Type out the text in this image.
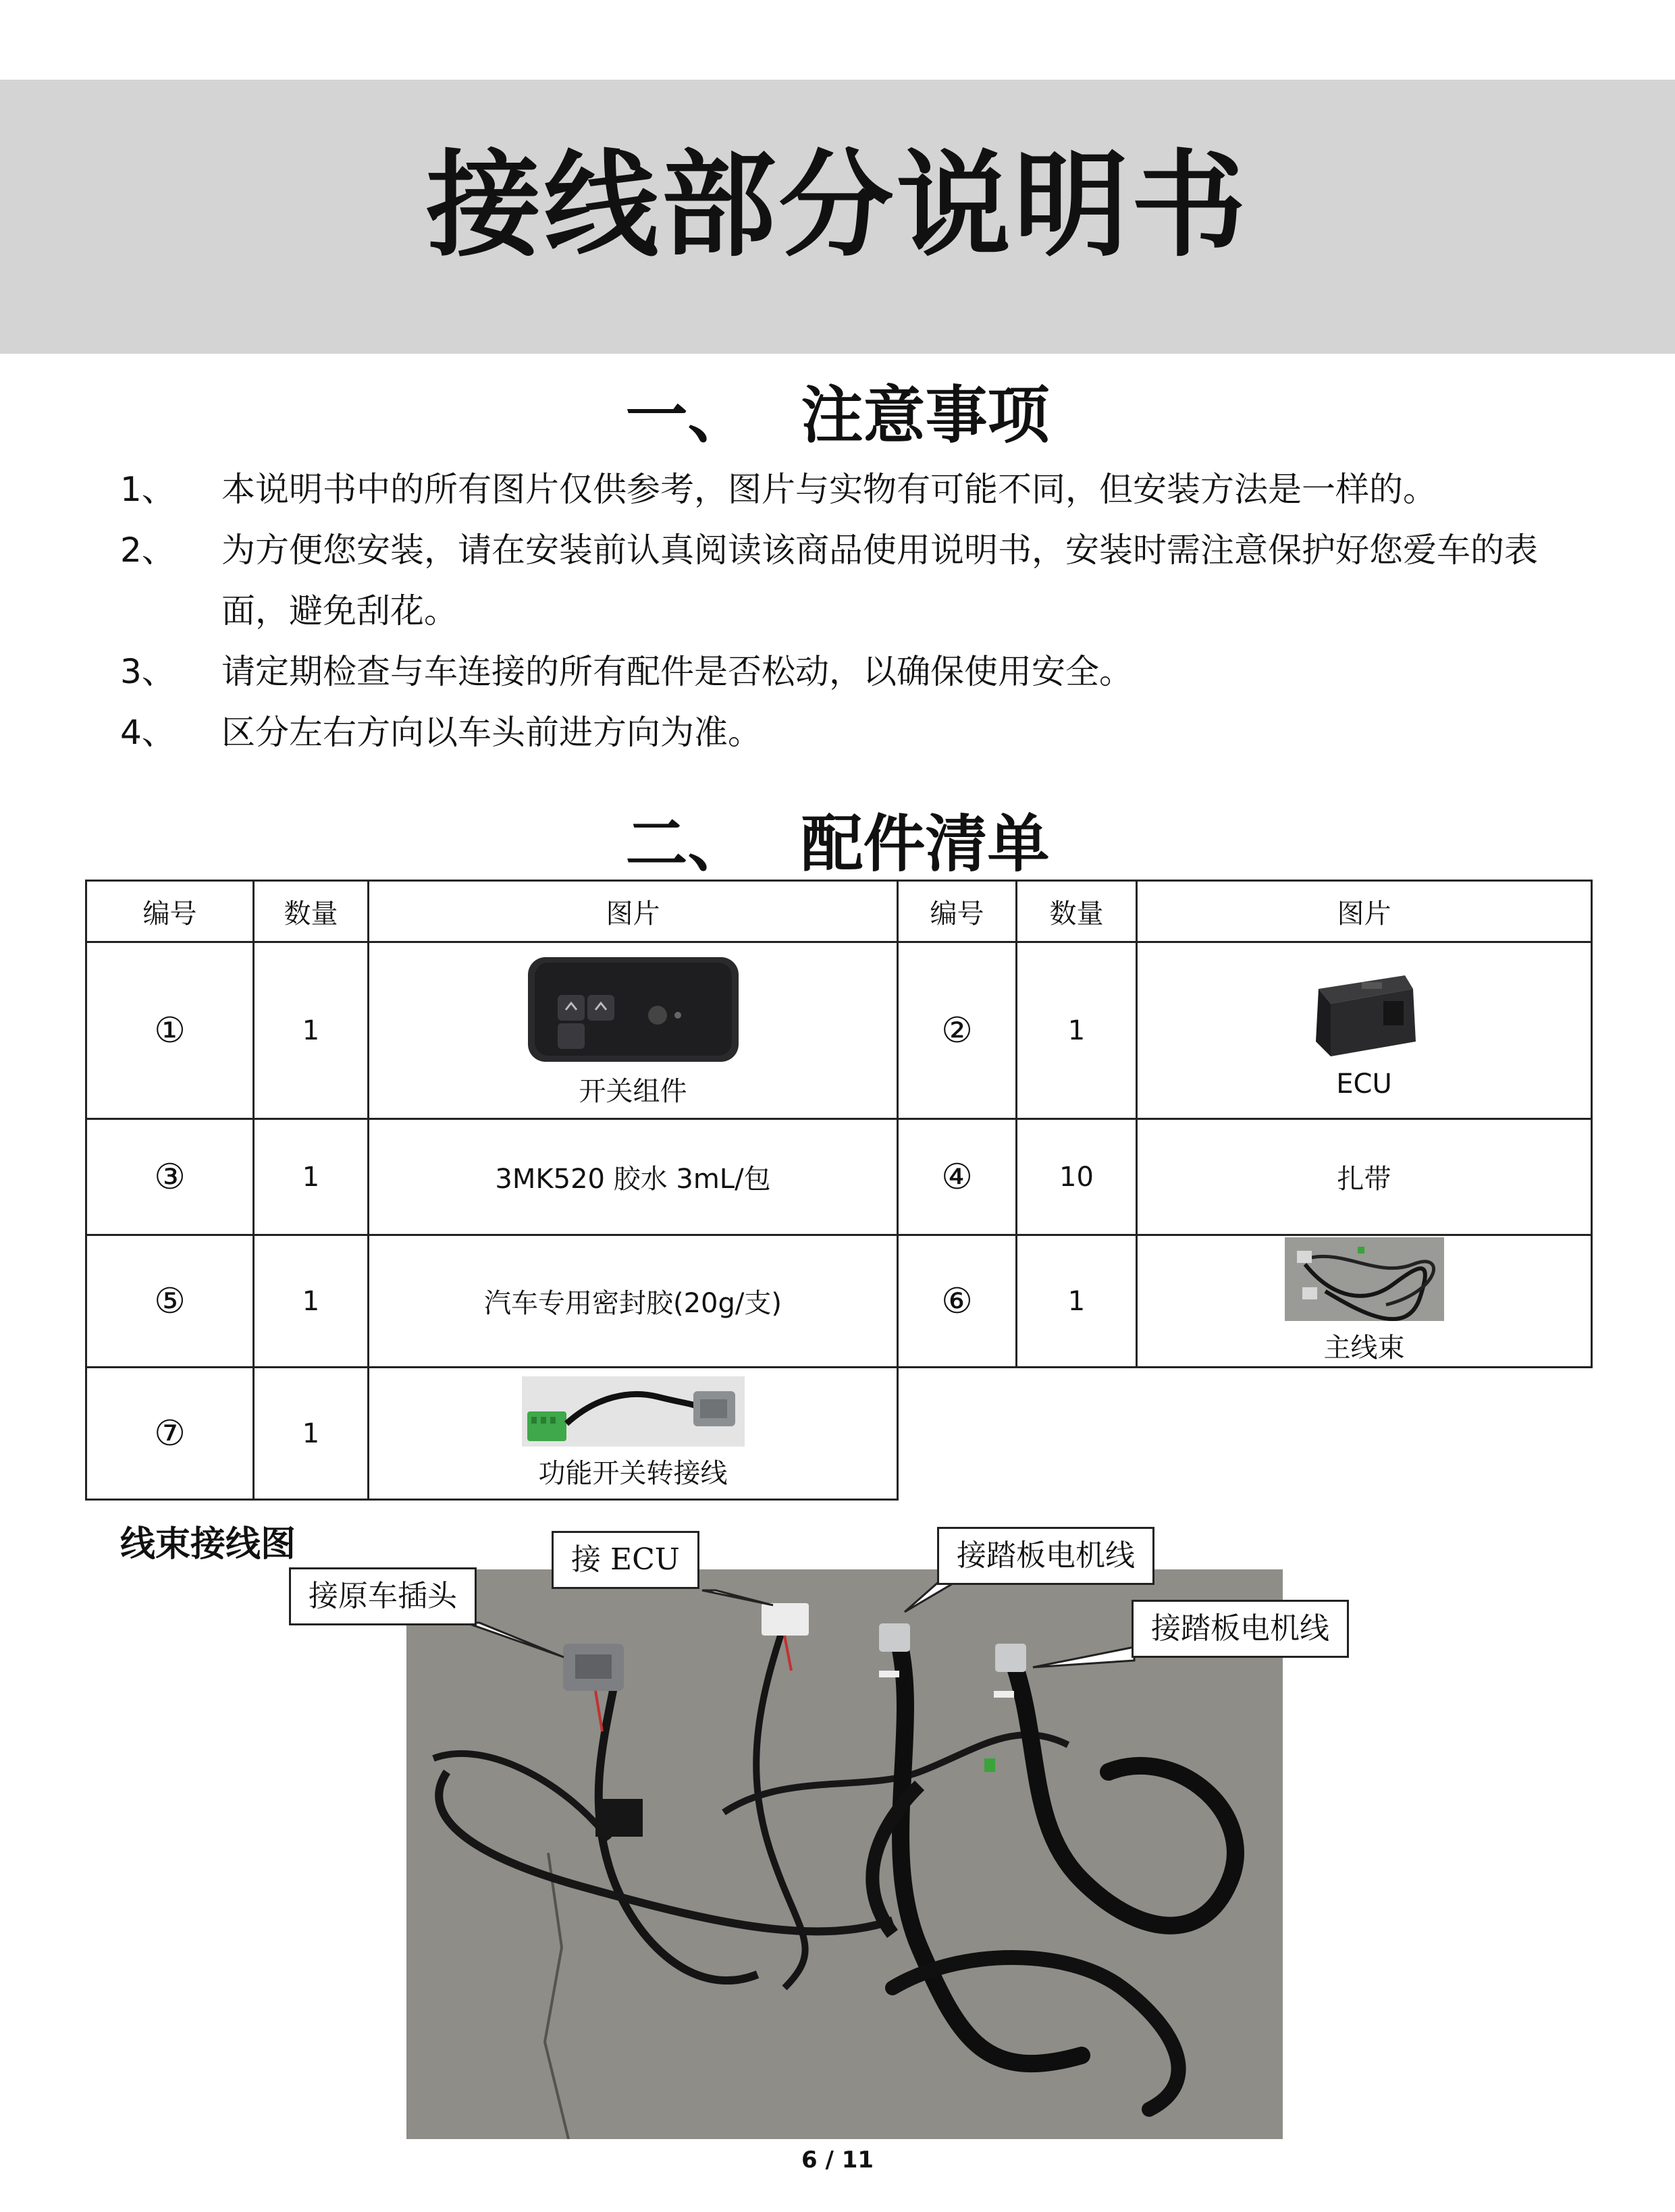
接线部分说明书
一、 注意事项
1、	本说明书中的所有图片仅供参考，图片与实物有可能不同，但安装方法是一样的。
2、	为方便您安装，请在安装前认真阅读该商品使用说明书，安装时需注意保护好您爱车的表面，避免刮花。
3、	请定期检查与车连接的所有配件是否松动，以确保使用安全。
4、	区分左右方向以车头前进方向为准。
二、 配件清单
编号	数量	图片	编号	数量	图片
①	1	开关组件	②	1	ECU

③	1	3MK520 胶水 3mL/包	④	10	扎带
⑤	1	汽车专用密封胶(20g/支)	⑥	1	主线束

⑦	1	功能开关转接线			

线束接线图
接原车插头
接 ECU	接踏板电机线
接踏板电机线
6 / 11
